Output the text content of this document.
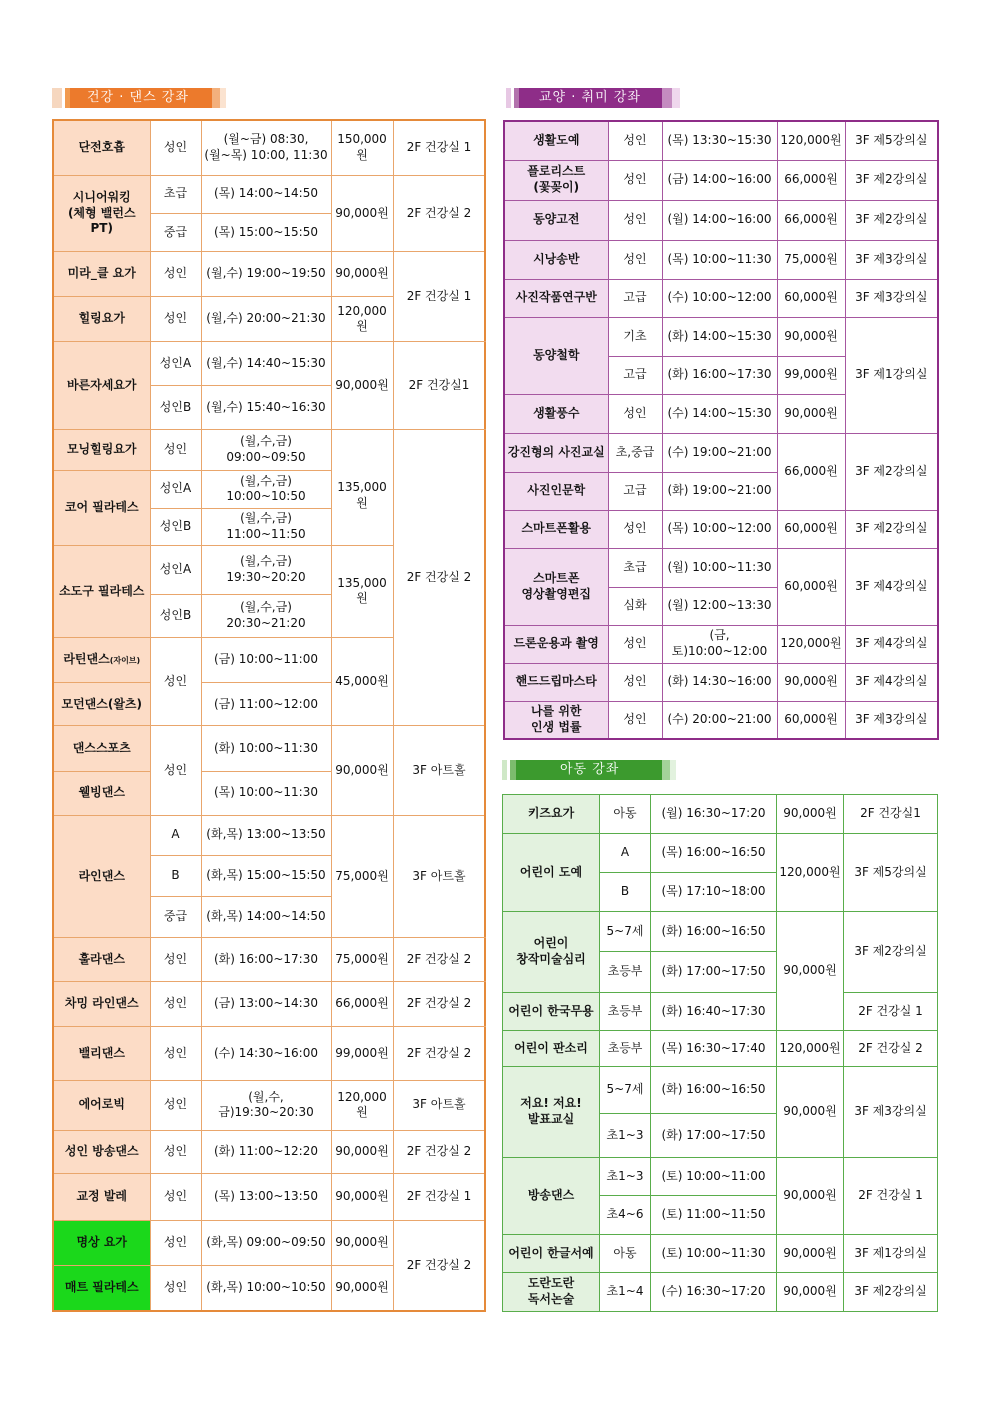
건강 · 댄스 강좌	교양 · 취미 강좌
아동 강좌
단전호흡	성인	(월~금) 08:30,
(월~목) 10:00, 11:30	150,000원	2F 건강실 1	
시니어워킹
(체형 밸런스 PT)	초급	(목) 14:00~14:50	90,000원	2F 건강실 2	
	중급	(목) 15:00~15:50			
미라_클 요가	성인	(월,수) 19:00~19:50	90,000원	2F 건강실 1	
힐링요가	성인	(월,수) 20:00~21:30	120,000원		
바른자세요가	성인A	(월,수) 14:40~15:30	90,000원	2F 건강실1	
	성인B	(월,수) 15:40~16:30			
모닝힐링요가	성인	(월,수,금) 09:00~09:50	135,000원	2F 건강실 2	
코어 필라테스	성인A	(월,수,금) 10:00~10:50			
	성인B	(월,수,금) 11:00~11:50			
소도구 필라테스	성인A	(월,수,금) 19:30~20:20	135,000원		
	성인B	(월,수,금) 20:30~21:20			
라틴댄스(자이브)	성인	(금) 10:00~11:00	45,000원	
모던댄스(왈츠)		(금) 11:00~12:00			
댄스스포츠	성인	(화) 10:00~11:30	90,000원	3F 아트홀	
웰빙댄스		(목) 10:00~11:30			
라인댄스	A	(화,목) 13:00~13:50	75,000원	3F 아트홀	
	B	(화,목) 15:00~15:50			
	중급	(화,목) 14:00~14:50			
훌라댄스	성인	(화) 16:00~17:30	75,000원	2F 건강실 2	
차밍 라인댄스	성인	(금) 13:00~14:30	66,000원	2F 건강실 2	
밸리댄스	성인	(수) 14:30~16:00	99,000원	2F 건강실 2	
에어로빅	성인	(월,수,금)19:30~20:30	120,000원	3F 아트홀	
성인 방송댄스	성인	(화) 11:00~12:20	90,000원	2F 건강실 2	
교정 발레	성인	(목) 13:00~13:50	90,000원	2F 건강실 1	
명상 요가	성인	(화,목) 09:00~09:50	90,000원	2F 건강실 2	
매트 필라테스	성인	(화,목) 10:00~10:50	90,000원		
생활도예	성인	(목) 13:30~15:30	120,000원	3F 제5강의실
플로리스트
(꽃꽂이)	성인	(금) 14:00~16:00	66,000원	3F 제2강의실
동양고전	성인	(월) 14:00~16:00	66,000원	3F 제2강의실
시낭송반	성인	(목) 10:00~11:30	75,000원	3F 제3강의실
사진작품연구반	고급	(수) 10:00~12:00	60,000원	3F 제3강의실
동양철학	기초	(화) 14:00~15:30	90,000원	3F 제1강의실
	고급	(화) 16:00~17:30	99,000원	
생활풍수	성인	(수) 14:00~15:30	90,000원	
강진형의 사진교실	초,중급	(수) 19:00~21:00	66,000원	3F 제2강의실
사진인문학	고급	(화) 19:00~21:00		
스마트폰활용	성인	(목) 10:00~12:00	60,000원	3F 제2강의실
스마트폰
영상촬영편집	초급	(월) 10:00~11:30	60,000원	3F 제4강의실
	심화	(월) 12:00~13:30		
드론운용과 촬영	성인	(금,토)10:00~12:00	120,000원	3F 제4강의실
핸드드립마스타	성인	(화) 14:30~16:00	90,000원	3F 제4강의실
나를 위한
인생 법률	성인	(수) 20:00~21:00	60,000원	3F 제3강의실
키즈요가	아동	(월) 16:30~17:20	90,000원	2F 건강실1
어린이 도예	A	(목) 16:00~16:50	120,000원	3F 제5강의실
	B	(목) 17:10~18:00		
어린이
창작미술심리	5~7세	(화) 16:00~16:50	90,000원	3F 제2강의실
	초등부	(화) 17:00~17:50		
어린이 한국무용	초등부	(화) 16:40~17:30		2F 건강실 1
어린이 판소리	초등부	(목) 16:30~17:40	120,000원	2F 건강실 2
저요! 저요!
발표교실	5~7세	(화) 16:00~16:50	90,000원	3F 제3강의실
	초1~3	(화) 17:00~17:50		
방송댄스	초1~3	(토) 10:00~11:00	90,000원	2F 건강실 1
	초4~6	(토) 11:00~11:50		
어린이 한글서예	아동	(토) 10:00~11:30	90,000원	3F 제1강의실
도란도란
독서논술	초1~4	(수) 16:30~17:20	90,000원	3F 제2강의실
